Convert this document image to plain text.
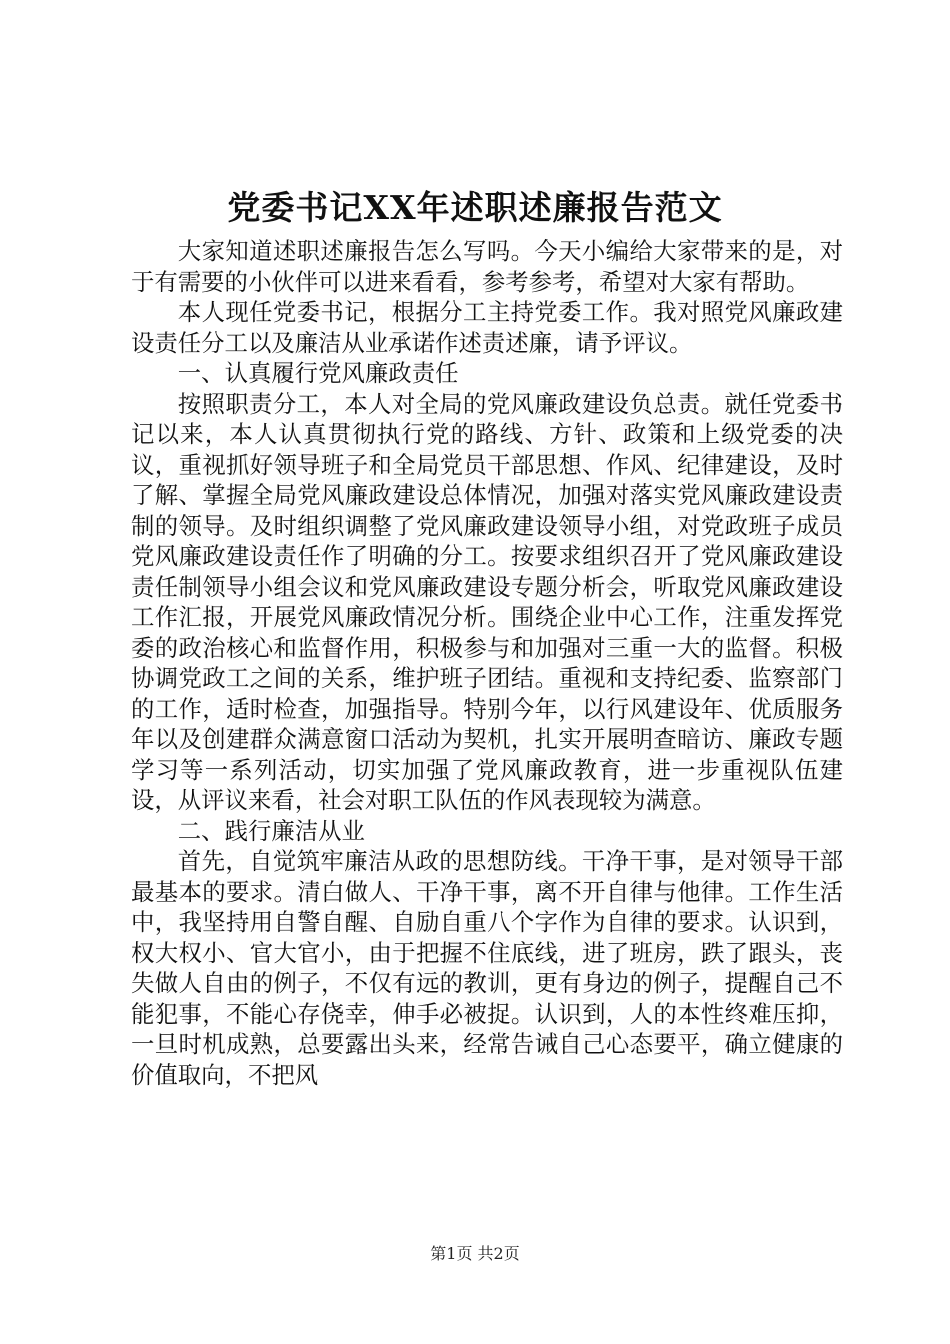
党委书记XX年述职述廉报告范文

大家知道述职述廉报告怎么写吗。今天小编给大家带来的是，对于有需要的小伙伴可以进来看看，参考参考，希望对大家有帮助。

本人现任党委书记，根据分工主持党委工作。我对照党风廉政建设责任分工以及廉洁从业承诺作述责述廉，请予评议。

一、认真履行党风廉政责任

按照职责分工，本人对全局的党风廉政建设负总责。就任党委书记以来，本人认真贯彻执行党的路线、方针、政策和上级党委的决议，重视抓好领导班子和全局党员干部思想、作风、纪律建设，及时了解、掌握全局党风廉政建设总体情况，加强对落实党风廉政建设责制的领导。及时组织调整了党风廉政建设领导小组，对党政班子成员党风廉政建设责任作了明确的分工。按要求组织召开了党风廉政建设责任制领导小组会议和党风廉政建设专题分析会，听取党风廉政建设工作汇报，开展党风廉政情况分析。围绕企业中心工作，注重发挥党委的政治核心和监督作用，积极参与和加强对三重一大的监督。积极协调党政工之间的关系，维护班子团结。重视和支持纪委、监察部门的工作，适时检查，加强指导。特别今年，以行风建设年、优质服务年以及创建群众满意窗口活动为契机，扎实开展明查暗访、廉政专题学习等一系列活动，切实加强了党风廉政教育，进一步重视队伍建设，从评议来看，社会对职工队伍的作风表现较为满意。

二、践行廉洁从业

首先，自觉筑牢廉洁从政的思想防线。干净干事，是对领导干部最基本的要求。清白做人、干净干事，离不开自律与他律。工作生活中，我坚持用自警自醒、自励自重八个字作为自律的要求。认识到，权大权小、官大官小，由于把握不住底线，进了班房，跌了跟头，丧失做人自由的例子，不仅有远的教训，更有身边的例子，提醒自己不能犯事，不能心存侥幸，伸手必被捉。认识到，人的本性终难压抑，一旦时机成熟，总要露出头来，经常告诫自己心态要平，确立健康的价值取向，不把风

第1页 共2页
